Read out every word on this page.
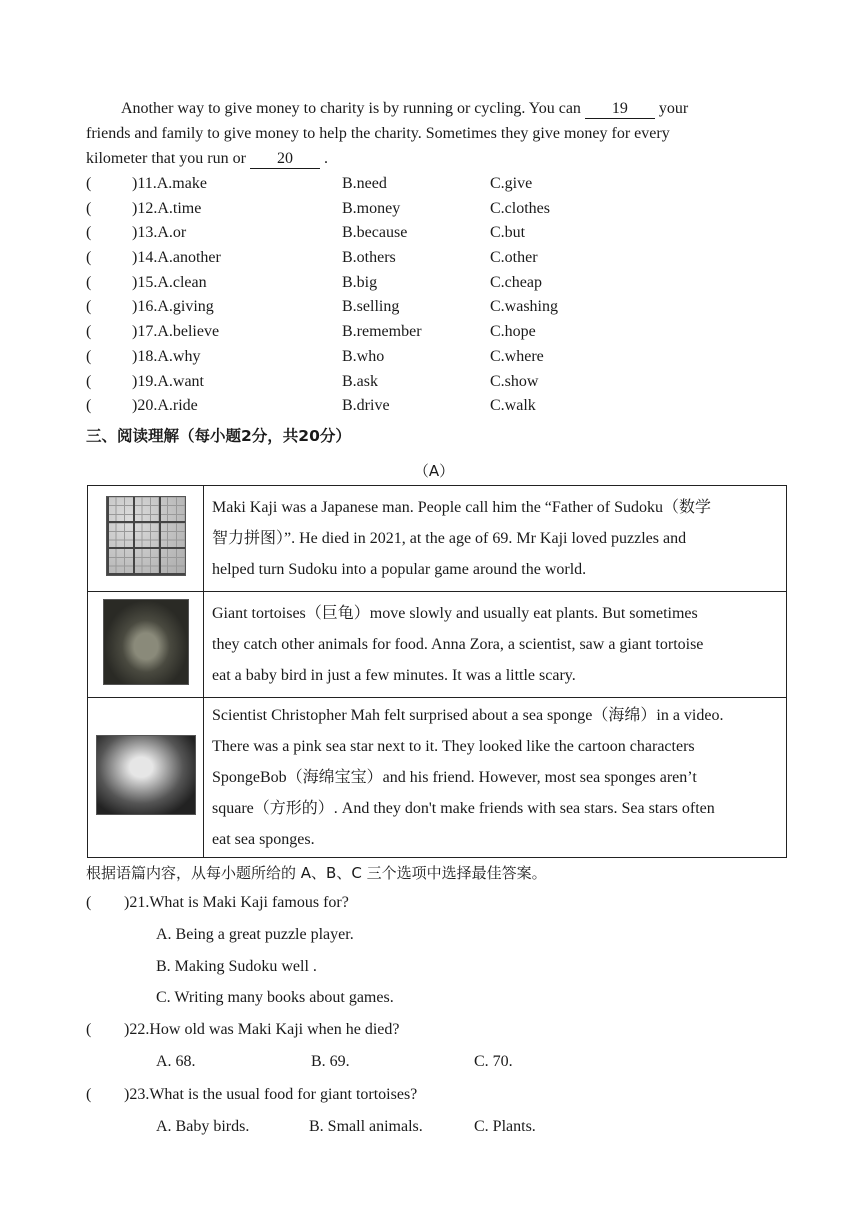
Another way to give money to charity is by running or cycling. You can 19 your
friends and family to give money to help the charity. Sometimes they give money for every
kilometer that you run or 20 .
(	)11.A.make	B.need	C.give
(	)12.A.time	B.money	C.clothes
(	)13.A.or	B.because	C.but
(	)14.A.another	B.others	C.other
(	)15.A.clean	B.big	C.cheap
(	)16.A.giving	B.selling	C.washing
(	)17.A.believe	B.remember	C.hope
(	)18.A.why	B.who	C.where
(	)19.A.want	B.ask	C.show
(	)20.A.ride	B.drive	C.walk
三、阅读理解（每小题2分，共20分）
（A）

	Maki Kaji was a Japanese man. People call him the “Father of Sudoku（数学
智力拼图）”. He died in 2021, at the age of 69. Mr Kaji loved puzzles and
helped turn Sudoku into a popular game around the world.

	Giant tortoises（巨龟）move slowly and usually eat plants. But sometimes
they catch other animals for food. Anna Zora, a scientist, saw a giant tortoise
eat a baby bird in just a few minutes. It was a little scary.

	Scientist Christopher Mah felt surprised about a sea sponge（海绵）in a video.
There was a pink sea star next to it. They looked like the cartoon characters
SpongeBob（海绵宝宝）and his friend. However, most sea sponges aren’t
square（方形的）. And they don't make friends with sea stars. Sea stars often
eat sea sponges.
根据语篇内容，从每小题所给的 A、B、C 三个选项中选择最佳答案。
( )21.What is Maki Kaji famous for?
A. Being a great puzzle player.
B. Making Sudoku well .
C. Writing many books about games.
( )22.How old was Maki Kaji when he died?
A. 68.	B. 69.	C. 70.
( )23.What is the usual food for giant tortoises?
A. Baby birds.	B. Small animals.	C. Plants.
